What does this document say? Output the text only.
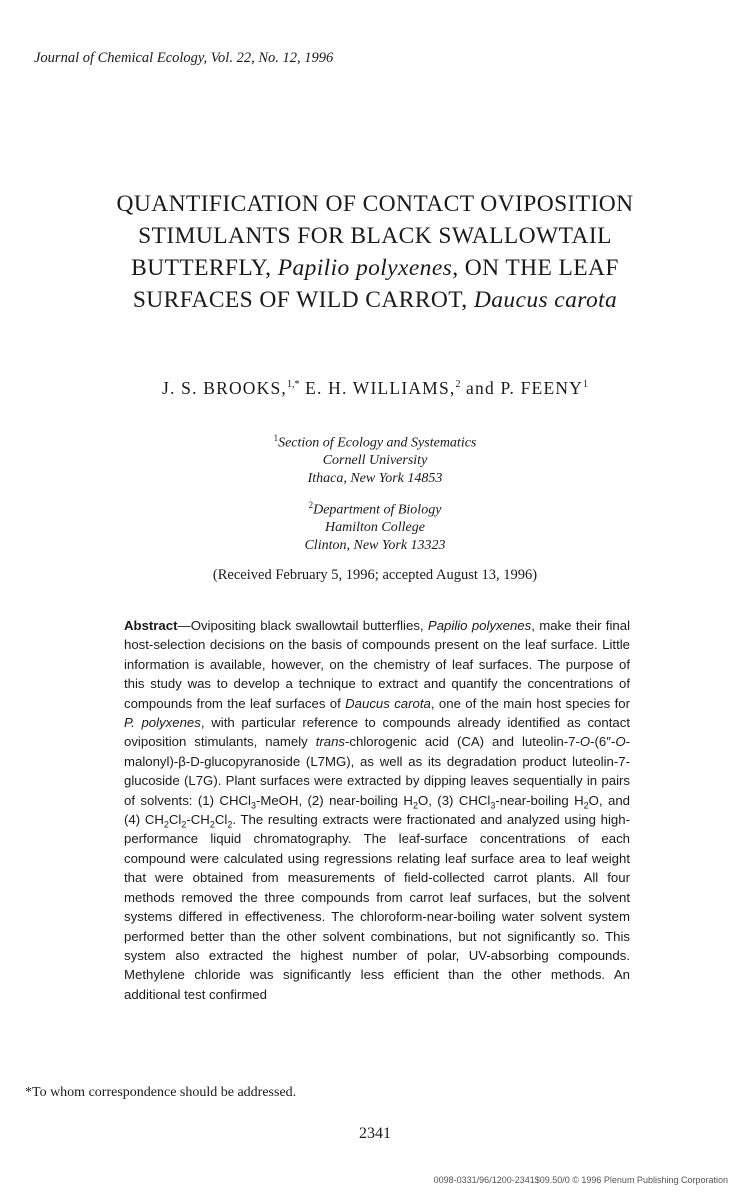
Journal of Chemical Ecology, Vol. 22, No. 12, 1996
QUANTIFICATION OF CONTACT OVIPOSITION
STIMULANTS FOR BLACK SWALLOWTAIL
BUTTERFLY, Papilio polyxenes, ON THE LEAF
SURFACES OF WILD CARROT, Daucus carota
J. S. BROOKS,$^{1,*}$ E. H. WILLIAMS,$^2$ and P. FEENY$^1$
$^1$Section of Ecology and Systematics
Cornell University
Ithaca, New York 14853
$^2$Department of Biology
Hamilton College
Clinton, New York 13323
(Received February 5, 1996; accepted August 13, 1996)
Abstract—Ovipositing black swallowtail butterflies, Papilio polyxenes, make their final host-selection decisions on the basis of compounds present on the leaf surface. Little information is available, however, on the chemistry of leaf surfaces. The purpose of this study was to develop a technique to extract and quantify the concentrations of compounds from the leaf surfaces of Daucus carota, one of the main host species for P. polyxenes, with particular reference to compounds already identified as contact oviposition stimulants, namely trans-chlorogenic acid (CA) and luteolin-7-O-(6″-O-malonyl)-β-D-glucopyranoside (L7MG), as well as its degradation product luteolin-7-glucoside (L7G). Plant surfaces were extracted by dipping leaves sequentially in pairs of solvents: (1) CHCl$_3$-MeOH, (2) near-boiling $H_2O$, (3) CHCl$_3$-near-boiling $H_2O$, and (4) $CH_2Cl_2-CH_2Cl_2$. The resulting extracts were fractionated and analyzed using high-performance liquid chromatography. The leaf-surface concentrations of each compound were calculated using regressions relating leaf surface area to leaf weight that were obtained from measurements of field-collected carrot plants. All four methods removed the three compounds from carrot leaf surfaces, but the solvent systems differed in effectiveness. The chloroform-near-boiling water solvent system performed better than the other solvent combinations, but not significantly so. This system also extracted the highest number of polar, UV-absorbing compounds. Methylene chloride was significantly less efficient than the other methods. An additional test confirmed
*To whom correspondence should be addressed.
2341
0098-0331/96/1200-2341$09.50/0 © 1996 Plenum Publishing Corporation
